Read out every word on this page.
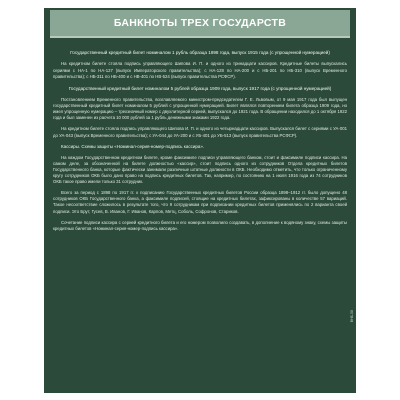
БАНКНОТЫ ТРЕХ ГОСУДАРСТВ

Государственный кредитный билет номиналом 1 рубль образца 1898 года, выпуск 1915 года (с упрощенной нумерацией)

На кредитном билете стояла подпись управляющего Шипова И. П. и одного из тринадцати кассиров. Кредитные билеты выпускались сериями с НА-1 по НА-127 (выпуск Императорского правительства); с НА-128 по НА-200 и с НБ-201 по НБ-310 (выпуск Временного правительства); с НБ-311 по НБ-400 и с НВ-401 по НВ-524 (выпуск правительства РСФСР).

Государственный кредитный билет номиналом 5 рублей образца 1909 года, выпуск 1917 года (с упрощенной нумерацией)

Постановлением Временного правительства, возглавляемого министром-председателем Г. Е. Львовым, от 9 мая 1917 года был выпущен государственный кредитный билет номиналом 5 рублей с упрощенной нумерацией. Билет являлся повторением билета образца 1909 года, но имел упрощенную нумерацию – трехзначный номер с двухлитерной серией, выпускался до 1921 года. В обращении находился до 1 октября 1922 года и был заменен из расчета 10 000 рублей за 1 рубль денежными знаками 1922 года.

На кредитном билете стояла подпись управляющего Шипова И. П. и одного из четырнадцати кассиров. Выпускался билет с сериями с УА-001 до УА-043 (выпуск Временного правительства); с УА-044 до УА-200 и с УБ-401 до УБ-513 (выпуск правительства РСФСР).

Кассиры. Схемы защиты «Номинал-серия-номер-подпись кассира».

На каждом Государственном кредитном билете, кроме факсимиле подписи управляющего банком, стоит и факсимиле подписи кассира. На самом деле, за обозначенной на билете должностью «кассир», стоит подпись одного из сотрудников Отдела кредитных билетов Государственного банка, которые фактически занимали различные штатные должности в ОКБ. Необходимо отметить, что только ограниченному кругу сотрудников ОКБ было дано право на подпись кредитных билетов. Так, например, по состоянию на 1 июля 1916 года из 74 сотрудников ОКБ такое право имели только 31 сотрудник.

Всего за период с 1898 по 1917 гг. к подписанию Государственных кредитных билетов России образца 1898–1912 гг. было допущено 48 сотрудников ОКБ Государственного банка, а факсимиле подписей, стоящие на кредитных билетах, зафиксированы в количестве 57 вариаций. Такое несоответствие сложилось в результате того, что 9 сотрудникам при подписании кредитных билетов применялись по 2 варианта своей подписи. Это Брут, Гусев, В. Иванов, Г. Иванов, Карпов, Метц, Соболь, Софронов, Стариков.

Сочетание подписи кассира с серией кредитного билета и его номером позволило создавать, в дополнение к водяному знаку, схемы защиты кредитных билетов «Номинал-серия-номер-подпись кассира».

ВНБ-58
